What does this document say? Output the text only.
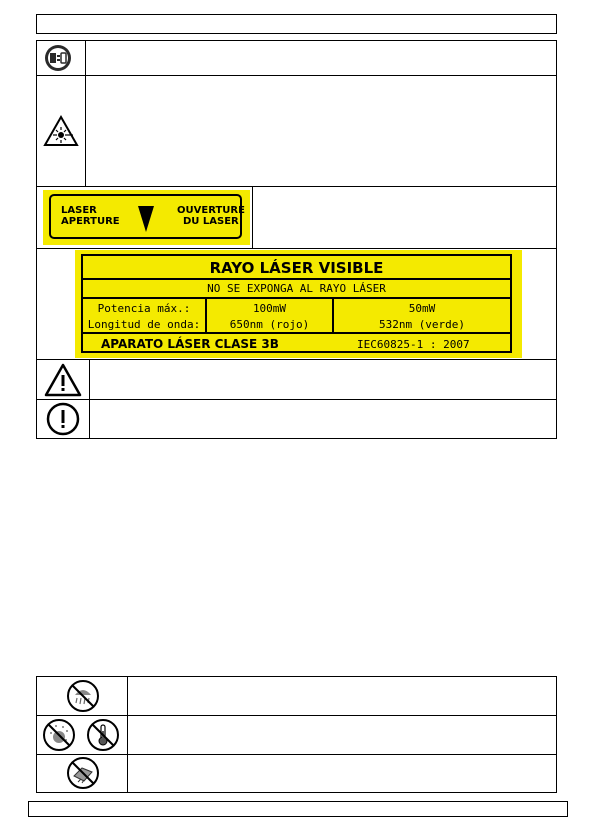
LASER
APERTURE
OUVERTURE
DU LASER
RAYO LÁSER VISIBLE
NO SE EXPONGA AL RAYO LÁSER
Potencia máx.:
Longitud de onda:
100mW
650nm (rojo)
50mW
532nm (verde)
APARATO LÁSER CLASE 3B	IEC60825-1 : 2007
